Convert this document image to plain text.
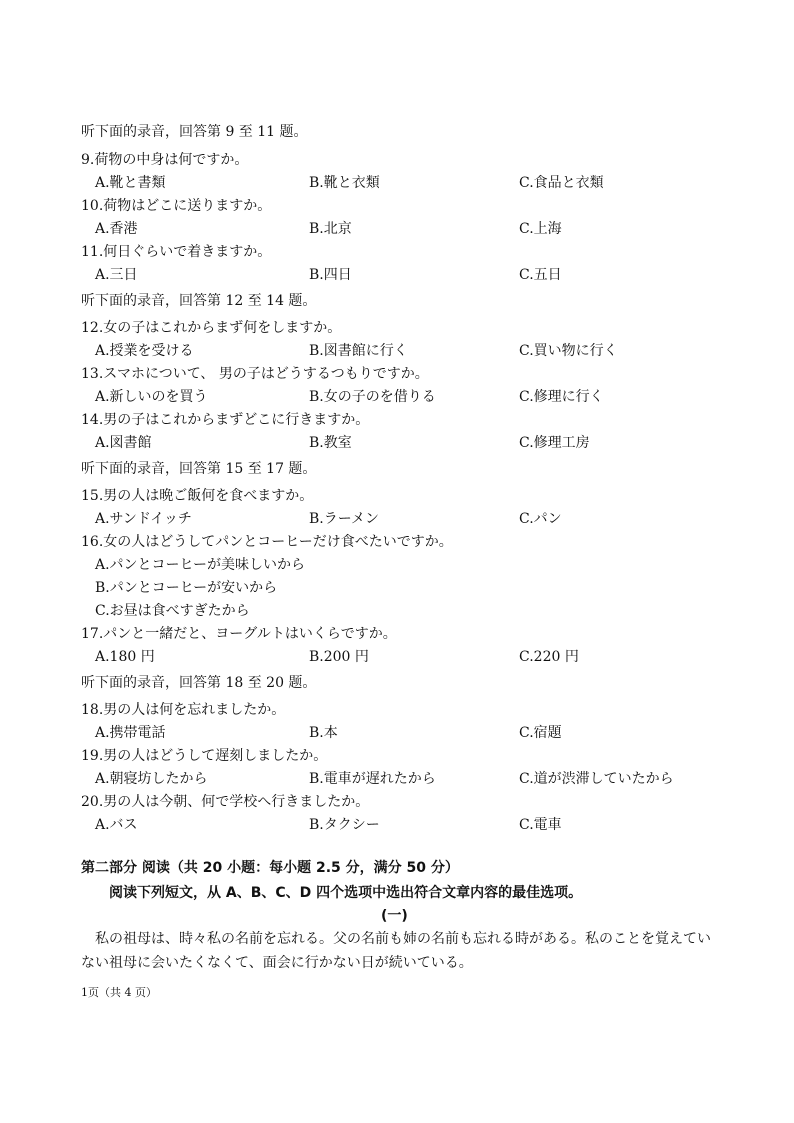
听下面的录音，回答第 9 至 11 题。
9.荷物の中身は何ですか。
A.靴と書類	B.靴と衣類	C.食品と衣類
10.荷物はどこに送りますか。
A.香港	B.北京	C.上海
11.何日ぐらいで着きますか。
A.三日	B.四日	C.五日
听下面的录音，回答第 12 至 14 题。
12.女の子はこれからまず何をしますか。
A.授業を受ける	B.図書館に行く	C.買い物に行く
13.スマホについて、 男の子はどうするつもりですか。
A.新しいのを買う	B.女の子のを借りる	C.修理に行く
14.男の子はこれからまずどこに行きますか。
A.図書館	B.教室	C.修理工房
听下面的录音，回答第 15 至 17 题。
15.男の人は晩ご飯何を食べますか。
A.サンドイッチ	B.ラーメン	C.パン
16.女の人はどうしてパンとコーヒーだけ食べたいですか。
A.パンとコーヒーが美味しいから
B.パンとコーヒーが安いから
C.お昼は食べすぎたから
17.パンと一緒だと、ヨーグルトはいくらですか。
A.180 円	B.200 円	C.220 円
听下面的录音，回答第 18 至 20 题。
18.男の人は何を忘れましたか。
A.携帯電話	B.本	C.宿題
19.男の人はどうして遅刻しましたか。
A.朝寝坊したから	B.電車が遅れたから	C.道が渋滞していたから
20.男の人は今朝、何で学校へ行きましたか。
A.バス	B.タクシー	C.電車
第二部分 阅读（共 20 小题：每小题 2.5 分，满分 50 分）
阅读下列短文，从 A、B、C、D 四个选项中选出符合文章内容的最佳选项。
(一)

私の祖母は、時々私の名前を忘れる。父の名前も姉の名前も忘れる時がある。私のことを覚えていない祖母に会いたくなくて、面会に行かない日が続いている。

1页（共 4 页）
